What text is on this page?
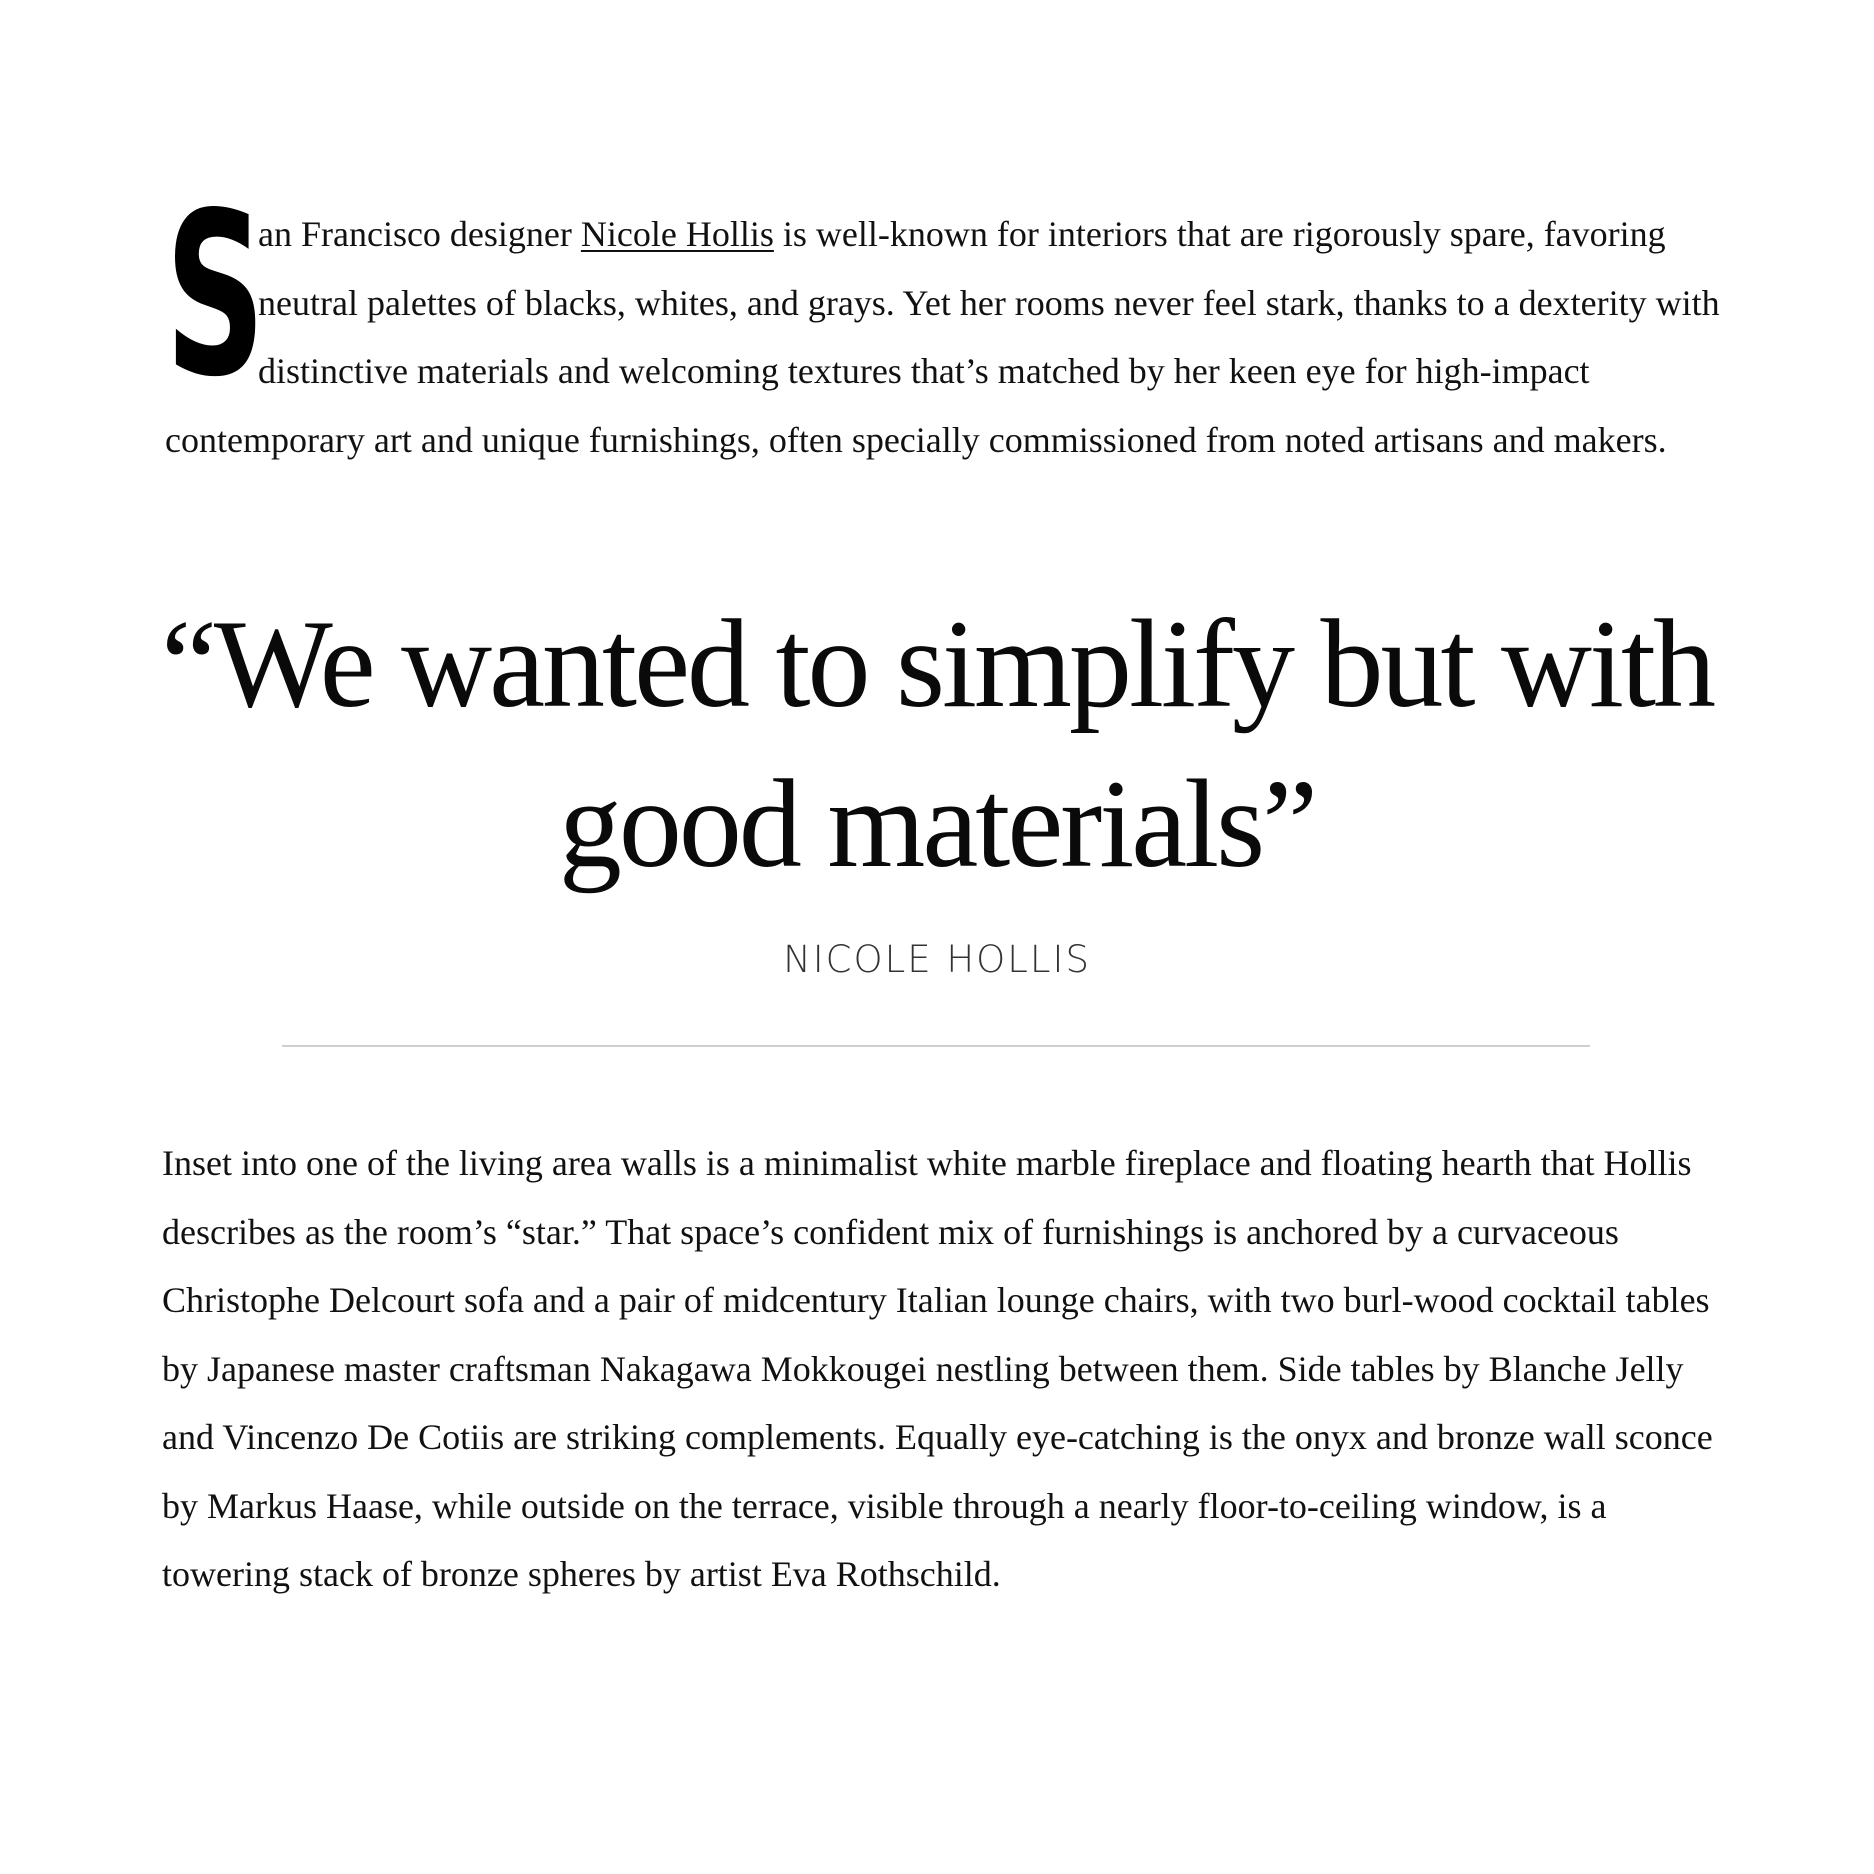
S
an Francisco designer Nicole Hollis is well-known for interiors that are rigorously spare, favoring neutral palettes of blacks, whites, and grays. Yet her rooms never feel stark, thanks to a dexterity with distinctive materials and welcoming textures that’s matched by her keen eye for high-impact contemporary art and unique furnishings, often specially commissioned from noted artisans and makers.

“We wanted to simplify but with good materials”

NICOLE HOLLIS

Inset into one of the living area walls is a minimalist white marble fireplace and floating hearth that Hollis describes as the room’s “star.” That space’s confident mix of furnishings is anchored by a curvaceous Christophe Delcourt sofa and a pair of midcentury Italian lounge chairs, with two burl-wood cocktail tables by Japanese master craftsman Nakagawa Mokkougei nestling between them. Side tables by Blanche Jelly and Vincenzo De Cotiis are striking complements. Equally eye-catching is the onyx and bronze wall sconce by Markus Haase, while outside on the terrace, visible through a nearly floor-to-ceiling window, is a towering stack of bronze spheres by artist Eva Rothschild.
